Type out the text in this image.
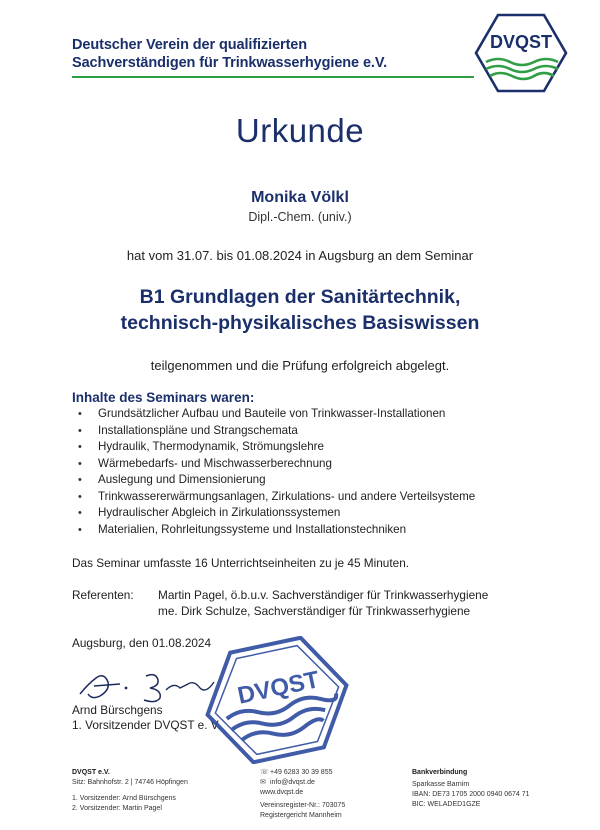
Deutscher Verein der qualifizierten
Sachverständigen für Trinkwasserhygiene e.V.
DVQST
Urkunde
Monika Völkl
Dipl.-Chem. (univ.)
hat vom 31.07. bis 01.08.2024 in Augsburg an dem Seminar
B1 Grundlagen der Sanitärtechnik,
technisch-physikalisches Basiswissen
teilgenommen und die Prüfung erfolgreich abgelegt.
Inhalte des Seminars waren:
• Grundsätzlicher Aufbau und Bauteile von Trinkwasser-Installationen
• Installationspläne und Strangschemata
• Hydraulik, Thermodynamik, Strömungslehre
• Wärmebedarfs- und Mischwasserberechnung
• Auslegung und Dimensionierung
• Trinkwassererwärmungsanlagen, Zirkulations- und andere Verteilsysteme
• Hydraulischer Abgleich in Zirkulationssystemen
• Materialien, Rohrleitungssysteme und Installationstechniken
Das Seminar umfasste 16 Unterrichtseinheiten zu je 45 Minuten.
Referenten: Martin Pagel, ö.b.u.v. Sachverständiger für Trinkwasserhygiene
me. Dirk Schulze, Sachverständiger für Trinkwasserhygiene
Augsburg, den 01.08.2024
Arnd Bürschgens
1. Vorsitzender DVQST e. V.
DVQST
DVQST e.V.
Sitz: Bahnhofstr. 2 | 74746 Höpfingen
1. Vorsitzender: Arnd Bürschgens
2. Vorsitzender: Martin Pagel
☏+49 6283 30 39 855
✉ info@dvqst.de
www.dvqst.de
Vereinsregister-Nr.: 703075
Registergericht Mannheim
Bankverbindung
Sparkasse Barnim
IBAN: DE73 1705 2000 0940 0674 71
BIC: WELADED1GZE
